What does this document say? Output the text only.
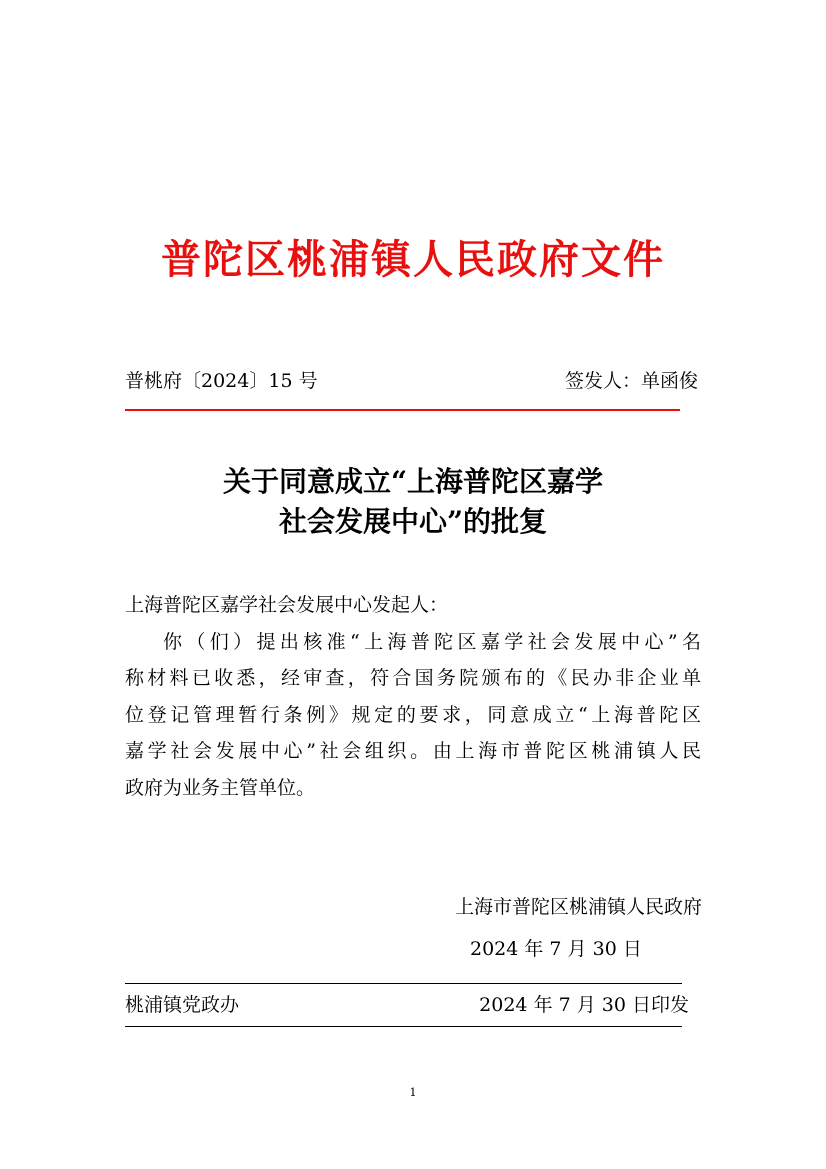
普陀区桃浦镇人民政府文件
普桃府〔2024〕15 号	签发人：单函俊
关于同意成立“上海普陀区嘉学
社会发展中心”的批复
上海普陀区嘉学社会发展中心发起人：
你（们）提出核准“上海普陀区嘉学社会发展中心”名
称材料已收悉，经审查，符合国务院颁布的《民办非企业单
位登记管理暂行条例》规定的要求，同意成立“上海普陀区
嘉学社会发展中心”社会组织。由上海市普陀区桃浦镇人民
政府为业务主管单位。
上海市普陀区桃浦镇人民政府
2024 年 7 月 30 日
桃浦镇党政办	2024 年 7 月 30 日印发
1
